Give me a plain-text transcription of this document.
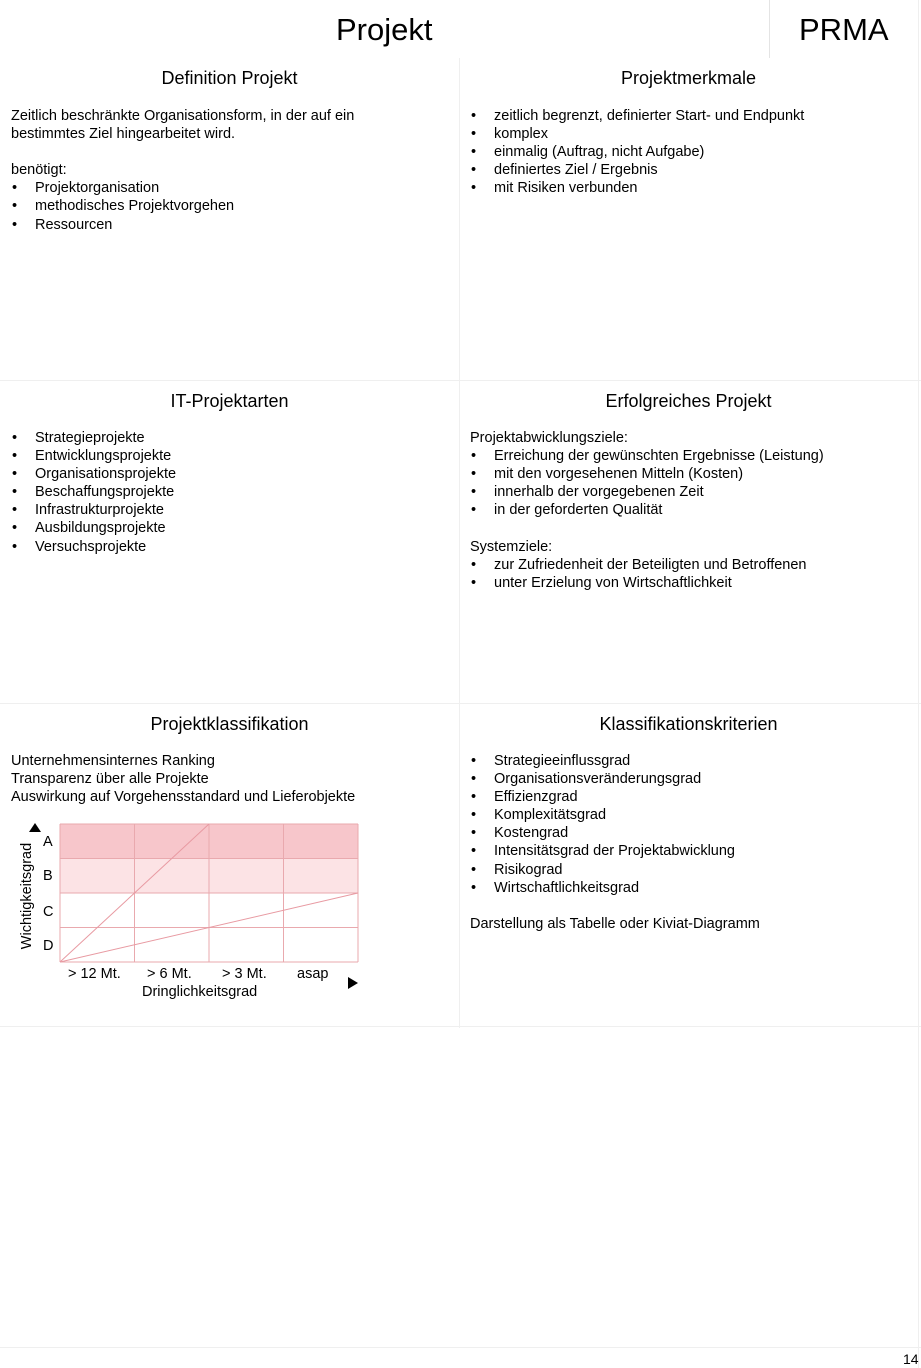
Projekt	PRMA
Definition Projekt
Zeitlich beschränkte Organisationsform, in der auf ein
bestimmtes Ziel hingearbeitet wird.
benötigt:
• Projektorganisation
• methodisches Projektvorgehen
• Ressourcen
Projektmerkmale
• zeitlich begrenzt, definierter Start- und Endpunkt
• komplex
• einmalig (Auftrag, nicht Aufgabe)
• definiertes Ziel / Ergebnis
• mit Risiken verbunden
IT-Projektarten
• Strategieprojekte
• Entwicklungsprojekte
• Organisationsprojekte
• Beschaffungsprojekte
• Infrastrukturprojekte
• Ausbildungsprojekte
• Versuchsprojekte
Erfolgreiches Projekt
Projektabwicklungsziele:
• Erreichung der gewünschten Ergebnisse (Leistung)
• mit den vorgesehenen Mitteln (Kosten)
• innerhalb der vorgegebenen Zeit
• in der geforderten Qualität
Systemziele:
• zur Zufriedenheit der Beteiligten und Betroffenen
• unter Erzielung von Wirtschaftlichkeit
Projektklassifikation
Unternehmensinternes Ranking
Transparenz über alle Projekte
Auswirkung auf Vorgehensstandard und Lieferobjekte
Wichtigkeitsgrad
Dringlichkeitsgrad
A
B
C
D
> 12 Mt. > 6 Mt. > 3 Mt. asap
Klassifikationskriterien
• Strategieeinflussgrad
• Organisationsveränderungsgrad
• Effizienzgrad
• Komplexitätsgrad
• Kostengrad
• Intensitätsgrad der Projektabwicklung
• Risikograd
• Wirtschaftlichkeitsgrad
Darstellung als Tabelle oder Kiviat-Diagramm
14
